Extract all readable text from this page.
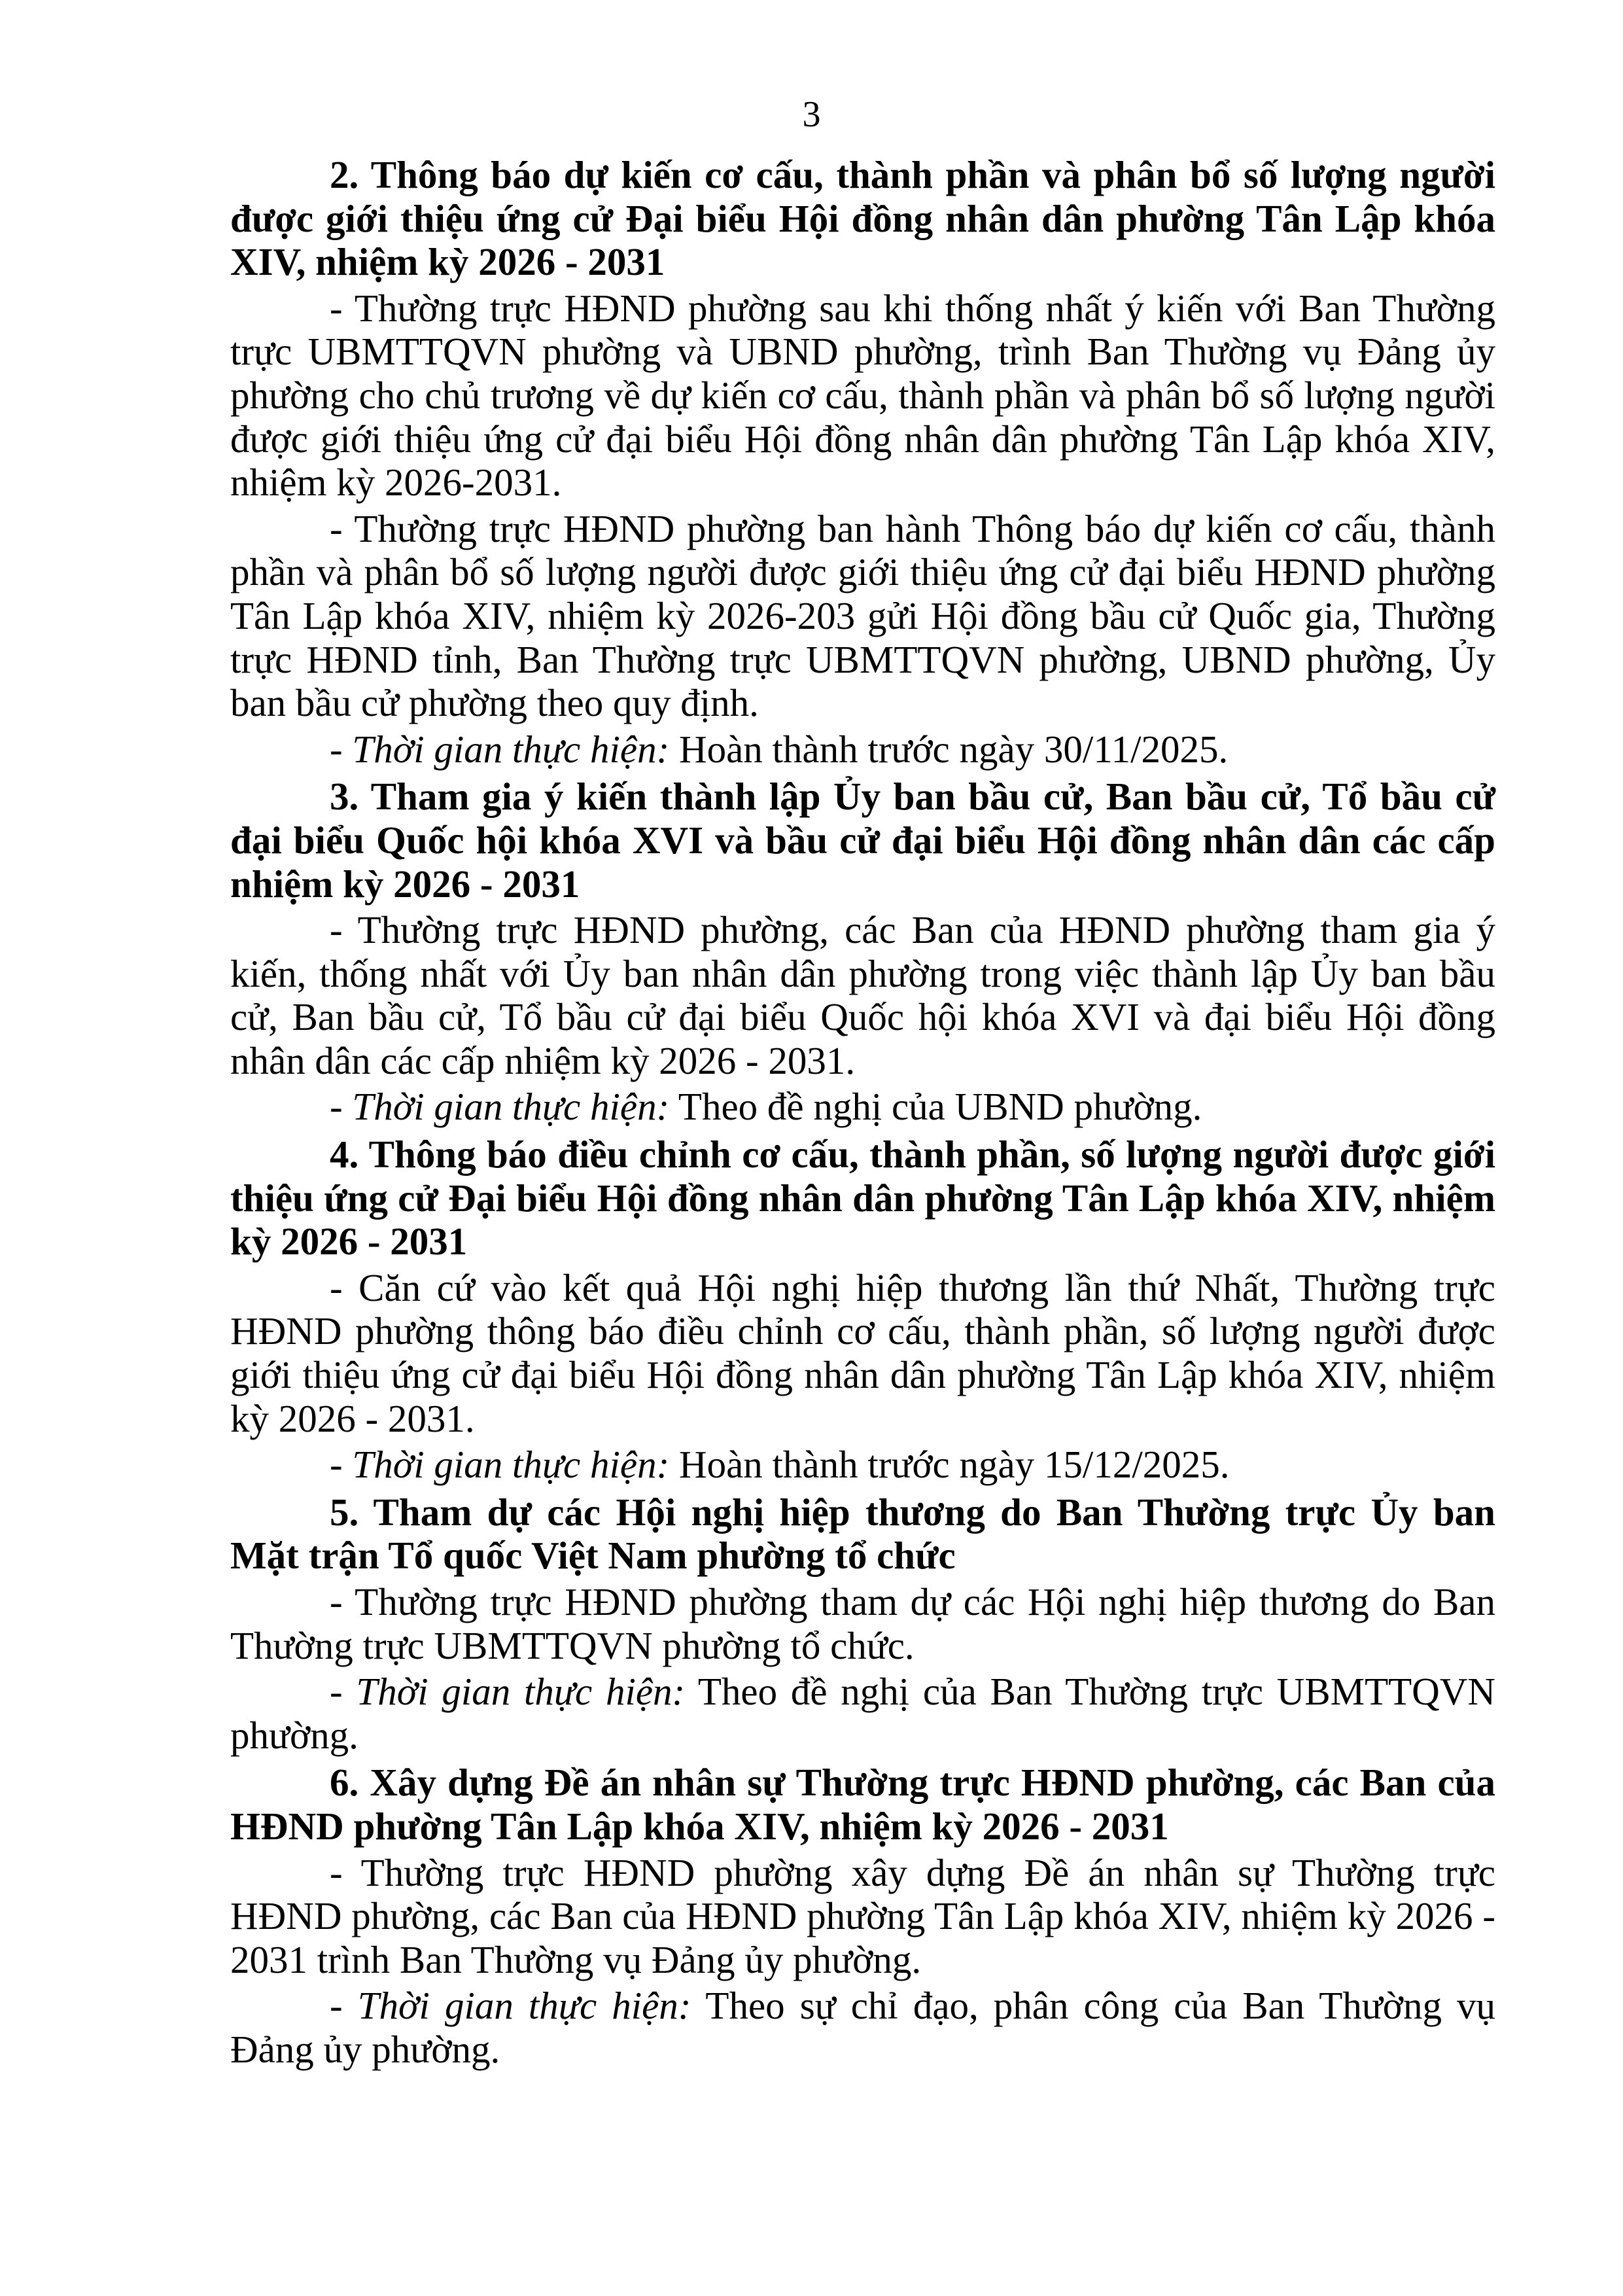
3

2. Thông báo dự kiến cơ cấu, thành phần và phân bổ số lượng người được giới thiệu ứng cử Đại biểu Hội đồng nhân dân phường Tân Lập khóa XIV, nhiệm kỳ 2026 - 2031

- Thường trực HĐND phường sau khi thống nhất ý kiến với Ban Thường trực UBMTTQVN phường và UBND phường, trình Ban Thường vụ Đảng ủy phường cho chủ trương về dự kiến cơ cấu, thành phần và phân bổ số lượng người được giới thiệu ứng cử đại biểu Hội đồng nhân dân phường Tân Lập khóa XIV, nhiệm kỳ 2026-2031.

- Thường trực HĐND phường ban hành Thông báo dự kiến cơ cấu, thành phần và phân bổ số lượng người được giới thiệu ứng cử đại biểu HĐND phường Tân Lập khóa XIV, nhiệm kỳ 2026-203 gửi Hội đồng bầu cử Quốc gia, Thường trực HĐND tỉnh, Ban Thường trực UBMTTQVN phường, UBND phường, Ủy ban bầu cử phường theo quy định.

- Thời gian thực hiện: Hoàn thành trước ngày 30/11/2025.

3. Tham gia ý kiến thành lập Ủy ban bầu cử, Ban bầu cử, Tổ bầu cử đại biểu Quốc hội khóa XVI và bầu cử đại biểu Hội đồng nhân dân các cấp nhiệm kỳ 2026 - 2031

- Thường trực HĐND phường, các Ban của HĐND phường tham gia ý kiến, thống nhất với Ủy ban nhân dân phường trong việc thành lập Ủy ban bầu cử, Ban bầu cử, Tổ bầu cử đại biểu Quốc hội khóa XVI và đại biểu Hội đồng nhân dân các cấp nhiệm kỳ 2026 - 2031.

- Thời gian thực hiện: Theo đề nghị của UBND phường.

4. Thông báo điều chỉnh cơ cấu, thành phần, số lượng người được giới thiệu ứng cử Đại biểu Hội đồng nhân dân phường Tân Lập khóa XIV, nhiệm kỳ 2026 - 2031

- Căn cứ vào kết quả Hội nghị hiệp thương lần thứ Nhất, Thường trực HĐND phường thông báo điều chỉnh cơ cấu, thành phần, số lượng người được giới thiệu ứng cử đại biểu Hội đồng nhân dân phường Tân Lập khóa XIV, nhiệm kỳ 2026 - 2031.

- Thời gian thực hiện: Hoàn thành trước ngày 15/12/2025.

5. Tham dự các Hội nghị hiệp thương do Ban Thường trực Ủy ban Mặt trận Tổ quốc Việt Nam phường tổ chức

- Thường trực HĐND phường tham dự các Hội nghị hiệp thương do Ban Thường trực UBMTTQVN phường tổ chức.

- Thời gian thực hiện: Theo đề nghị của Ban Thường trực UBMTTQVN phường.

6. Xây dựng Đề án nhân sự Thường trực HĐND phường, các Ban của HĐND phường Tân Lập khóa XIV, nhiệm kỳ 2026 - 2031

- Thường trực HĐND phường xây dựng Đề án nhân sự Thường trực HĐND phường, các Ban của HĐND phường Tân Lập khóa XIV, nhiệm kỳ 2026 - 2031 trình Ban Thường vụ Đảng ủy phường.

- Thời gian thực hiện: Theo sự chỉ đạo, phân công của Ban Thường vụ Đảng ủy phường.
